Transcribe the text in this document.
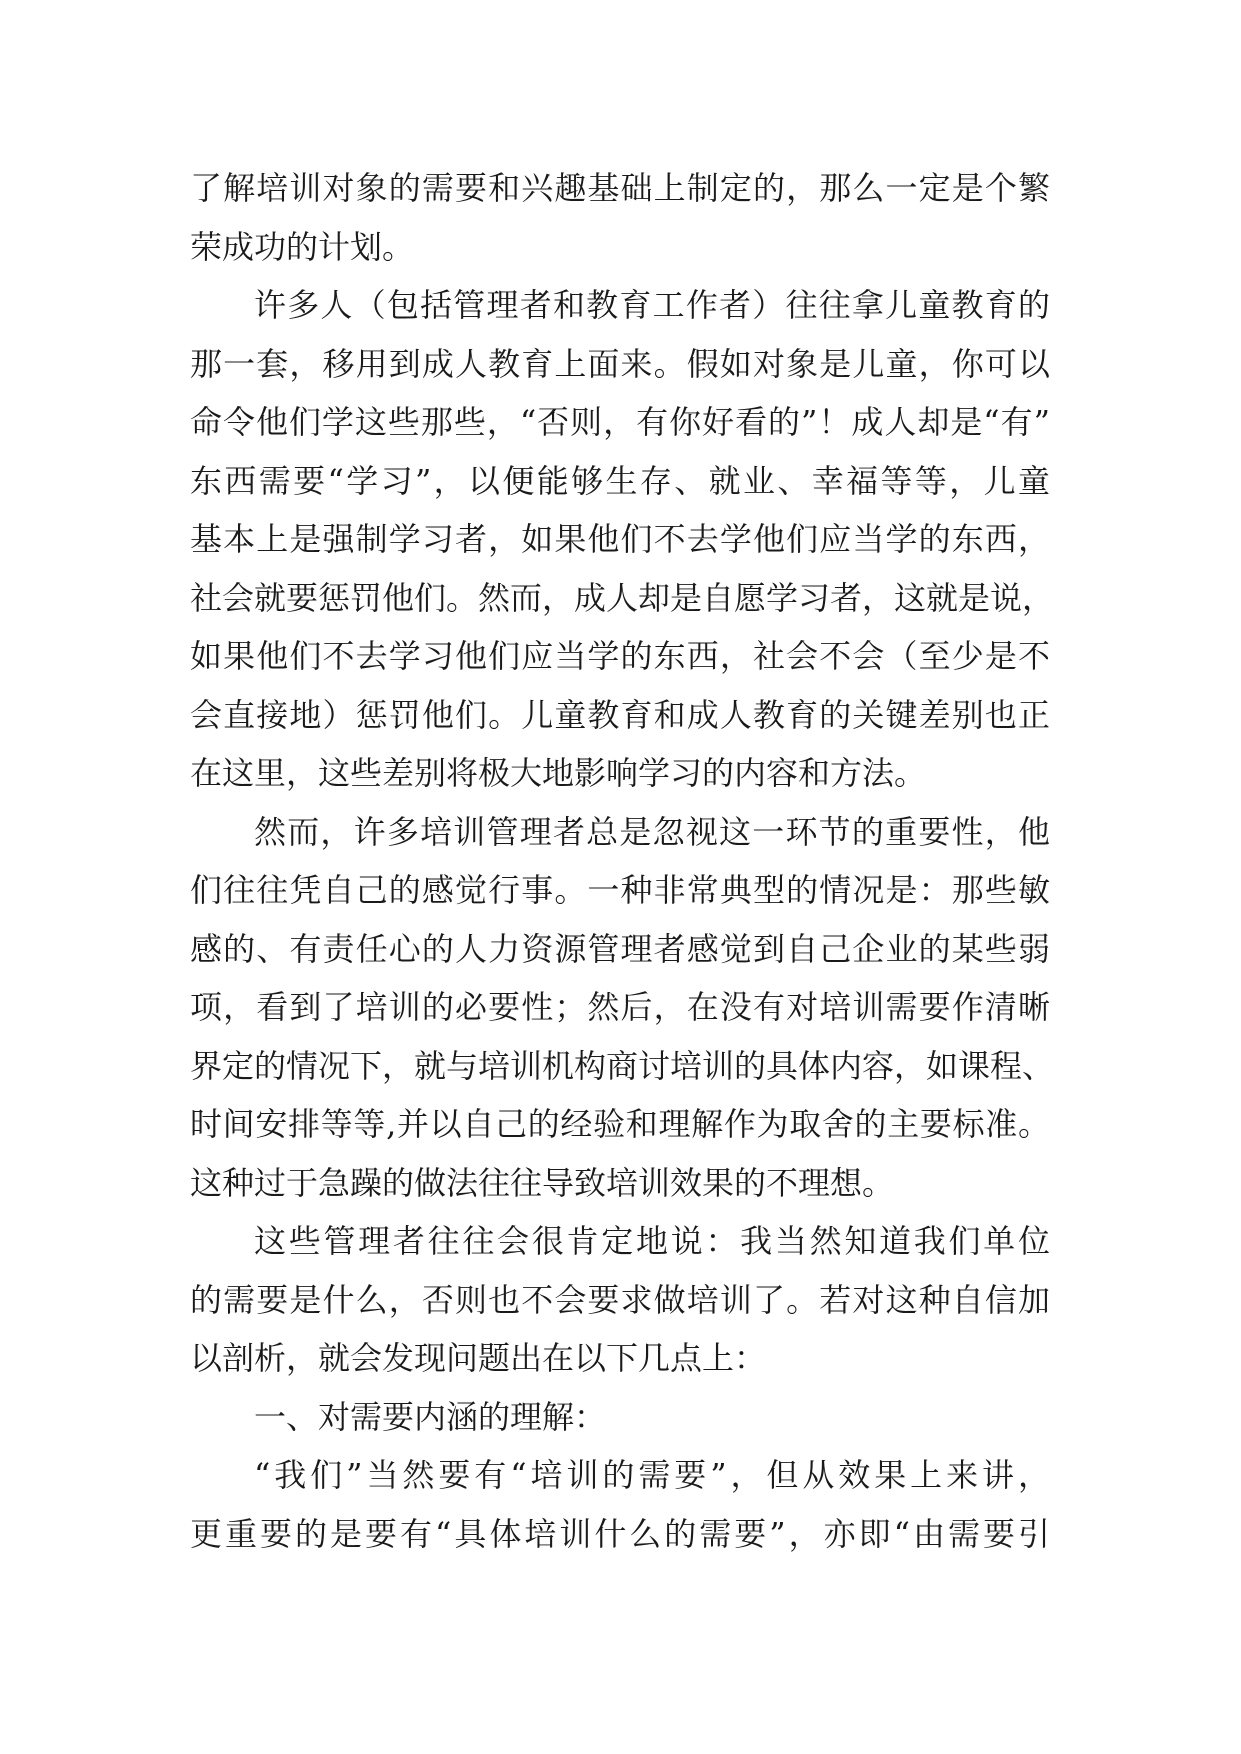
了解培训对象的需要和兴趣基础上制定的，那么一定是个繁
荣成功的计划。
许多人（包括管理者和教育工作者）往往拿儿童教育的
那一套，移用到成人教育上面来。假如对象是儿童，你可以
命令他们学这些那些，“否则，有你好看的”！成人却是“有”
东西需要“学习”，以便能够生存、就业、幸福等等，儿童
基本上是强制学习者，如果他们不去学他们应当学的东西，
社会就要惩罚他们。然而，成人却是自愿学习者，这就是说，
如果他们不去学习他们应当学的东西，社会不会（至少是不
会直接地）惩罚他们。儿童教育和成人教育的关键差别也正
在这里，这些差别将极大地影响学习的内容和方法。
然而，许多培训管理者总是忽视这一环节的重要性，他
们往往凭自己的感觉行事。一种非常典型的情况是：那些敏
感的、有责任心的人力资源管理者感觉到自己企业的某些弱
项，看到了培训的必要性；然后，在没有对培训需要作清晰
界定的情况下，就与培训机构商讨培训的具体内容，如课程、
时间安排等等,并以自己的经验和理解作为取舍的主要标准。
这种过于急躁的做法往往导致培训效果的不理想。
这些管理者往往会很肯定地说：我当然知道我们单位
的需要是什么，否则也不会要求做培训了。若对这种自信加
以剖析，就会发现问题出在以下几点上：
一、对需要内涵的理解：
“我们”当然要有“培训的需要”，但从效果上来讲，
更重要的是要有“具体培训什么的需要”，亦即“由需要引
